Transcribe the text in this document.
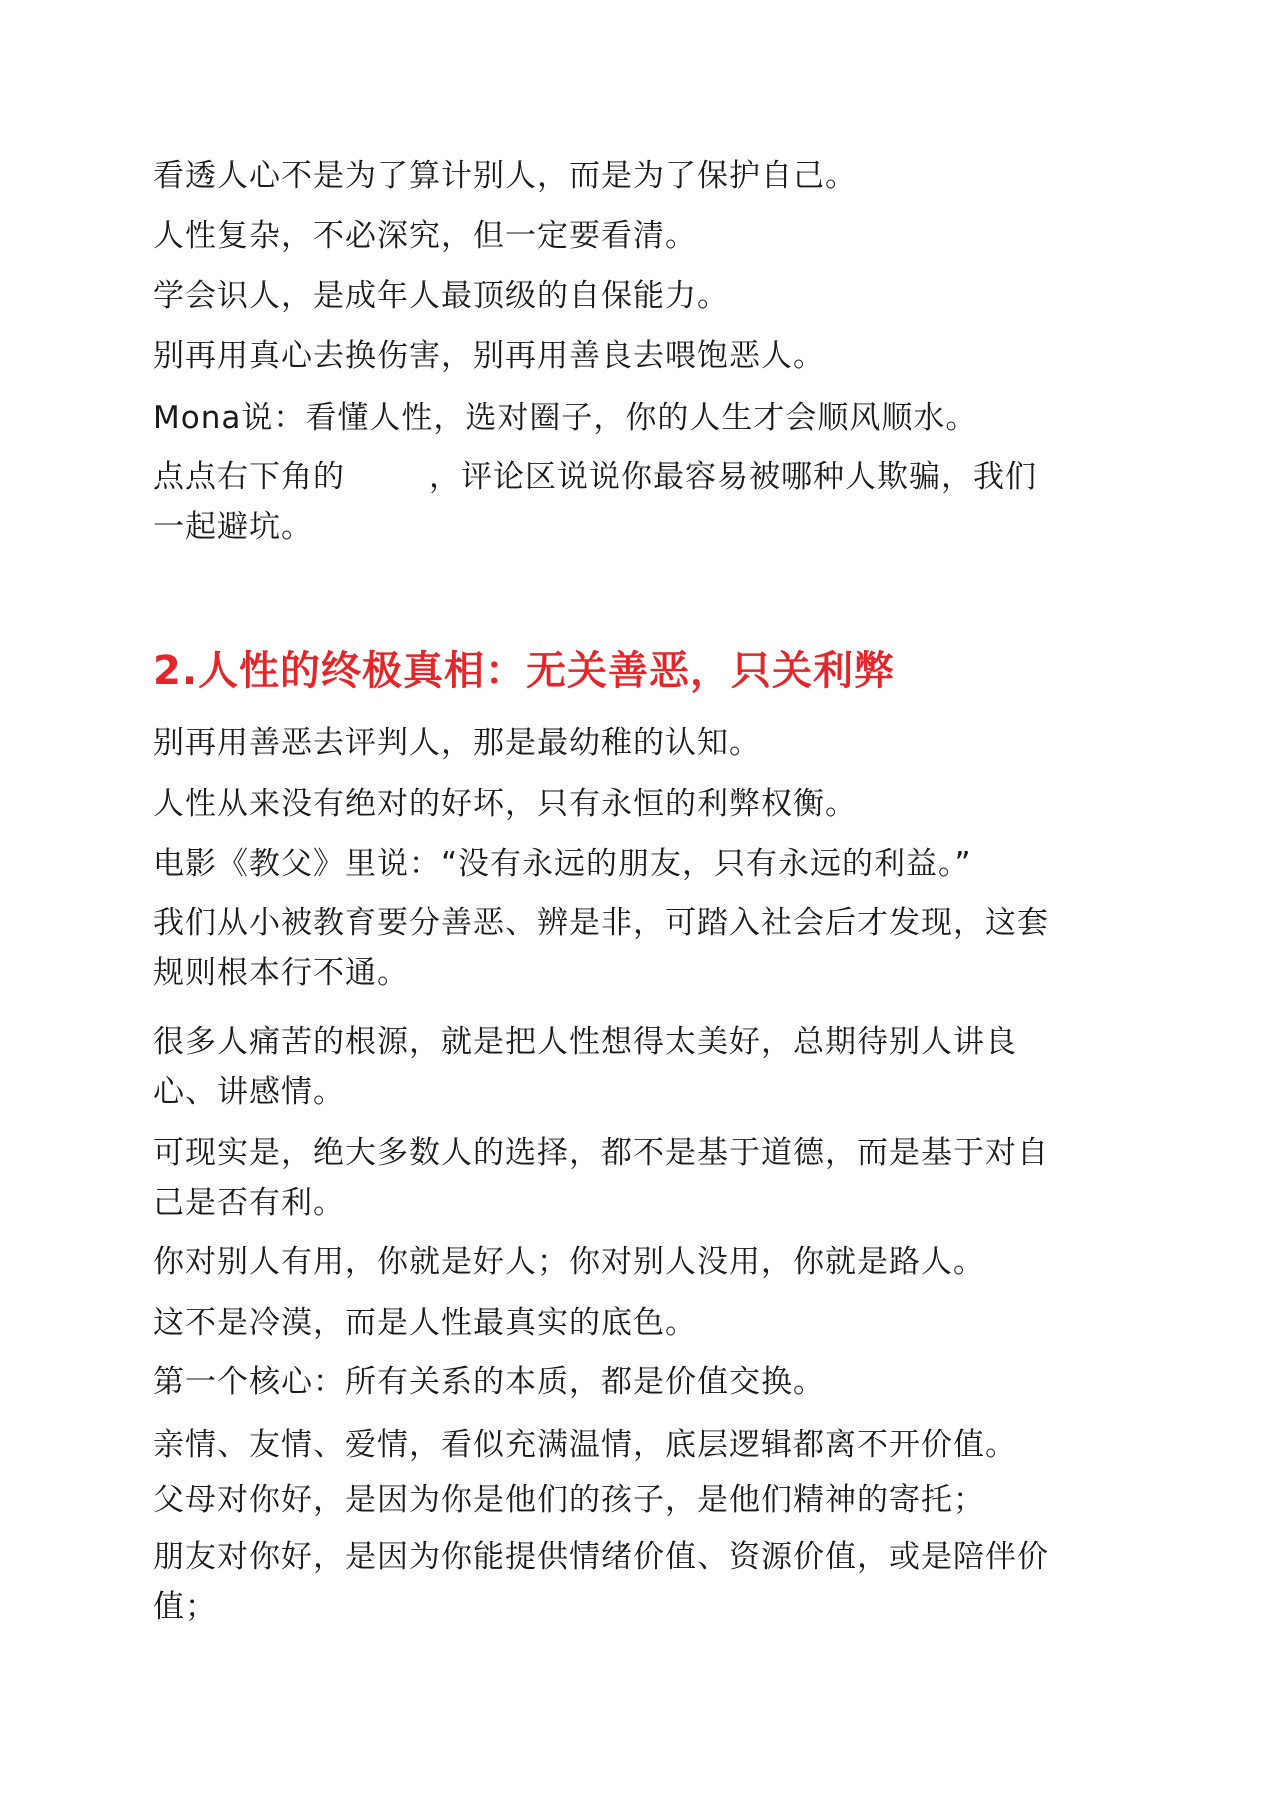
看透人心不是为了算计别人，而是为了保护自己。

人性复杂，不必深究，但一定要看清。

学会识人，是成年人最顶级的自保能力。

别再用真心去换伤害，别再用善良去喂饱恶人。

Mona说：看懂人性，选对圈子，你的人生才会顺风顺水。

点点右下角的	，评论区说说你最容易被哪种人欺骗，我们
一起避坑。

2.人性的终极真相：无关善恶，只关利弊

别再用善恶去评判人，那是最幼稚的认知。

人性从来没有绝对的好坏，只有永恒的利弊权衡。

电影《教父》里说：“没有永远的朋友，只有永远的利益。”

我们从小被教育要分善恶、辨是非，可踏入社会后才发现，这套
规则根本行不通。

很多人痛苦的根源，就是把人性想得太美好，总期待别人讲良
心、讲感情。

可现实是，绝大多数人的选择，都不是基于道德，而是基于对自
己是否有利。

你对别人有用，你就是好人；你对别人没用，你就是路人。

这不是冷漠，而是人性最真实的底色。

第一个核心：所有关系的本质，都是价值交换。

亲情、友情、爱情，看似充满温情，底层逻辑都离不开价值。

父母对你好，是因为你是他们的孩子，是他们精神的寄托；

朋友对你好，是因为你能提供情绪价值、资源价值，或是陪伴价
值；
